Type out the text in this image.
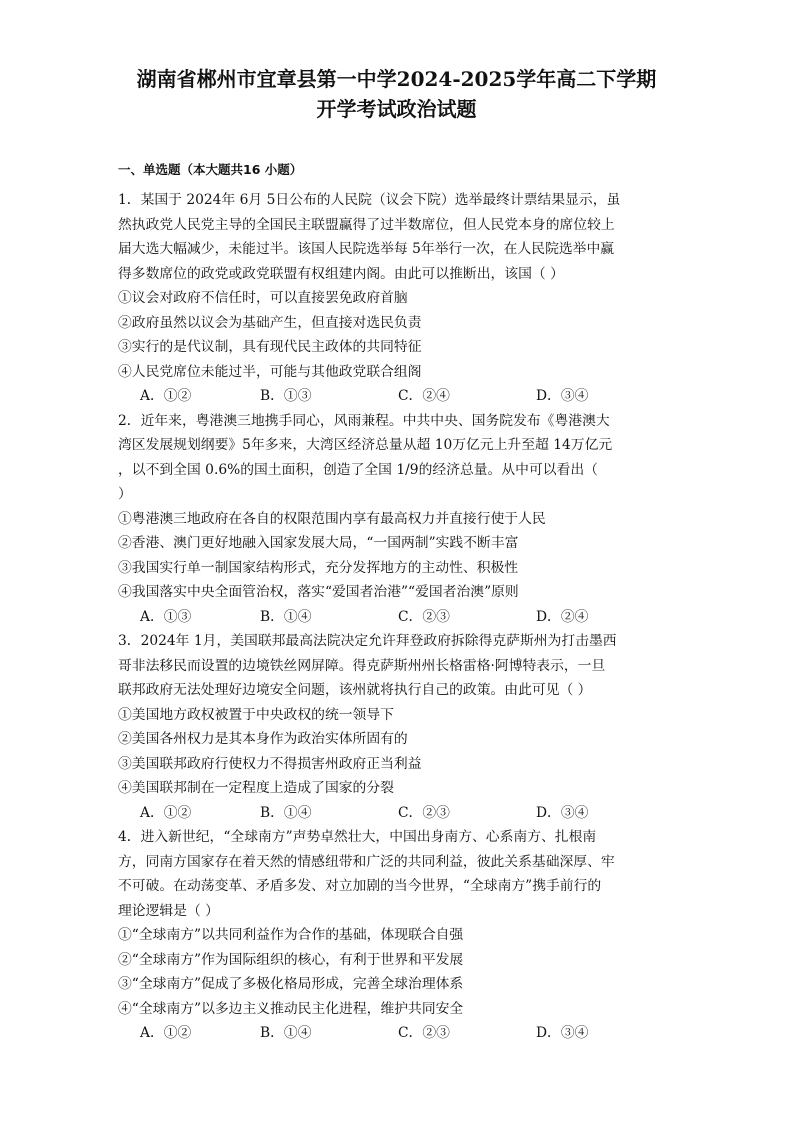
湖南省郴州市宜章县第一中学2024-2025学年高二下学期
开学考试政治试题
一、单选题（本大题共16 小题）
1．某国于 2024年 6月 5日公布的人民院（议会下院）选举最终计票结果显示，虽
然执政党人民党主导的全国民主联盟赢得了过半数席位，但人民党本身的席位较上
届大选大幅减少，未能过半。该国人民院选举每 5年举行一次，在人民院选举中赢
得多数席位的政党或政党联盟有权组建内阁。由此可以推断出，该国（ ）
①议会对政府不信任时，可以直接罢免政府首脑
②政府虽然以议会为基础产生，但直接对选民负责
③实行的是代议制，具有现代民主政体的共同特征
④人民党席位未能过半，可能与其他政党联合组阁
A．①②	B．①③	C．②④	D．③④
2．近年来，粤港澳三地携手同心，风雨兼程。中共中央、国务院发布《粤港澳大
湾区发展规划纲要》5年多来，大湾区经济总量从超 10万亿元上升至超 14万亿元
，以不到全国 0.6%的国土面积，创造了全国 1/9的经济总量。从中可以看出（
）
①粤港澳三地政府在各自的权限范围内享有最高权力并直接行使于人民
②香港、澳门更好地融入国家发展大局，“一国两制”实践不断丰富
③我国实行单一制国家结构形式，充分发挥地方的主动性、积极性
④我国落实中央全面管治权，落实“爱国者治港”“爱国者治澳”原则
A．①③	B．①④	C．②③	D．②④
3．2024年 1月，美国联邦最高法院决定允许拜登政府拆除得克萨斯州为打击墨西
哥非法移民而设置的边境铁丝网屏障。得克萨斯州州长格雷格·阿博特表示，一旦
联邦政府无法处理好边境安全问题，该州就将执行自己的政策。由此可见（ ）
①美国地方政权被置于中央政权的统一领导下
②美国各州权力是其本身作为政治实体所固有的
③美国联邦政府行使权力不得损害州政府正当利益
④美国联邦制在一定程度上造成了国家的分裂
A．①②	B．①④	C．②③	D．③④
4．进入新世纪，“全球南方”声势卓然壮大，中国出身南方、心系南方、扎根南
方，同南方国家存在着天然的情感纽带和广泛的共同利益，彼此关系基础深厚、牢
不可破。在动荡变革、矛盾多发、对立加剧的当今世界，“全球南方”携手前行的
理论逻辑是（ ）
①“全球南方”以共同利益作为合作的基础，体现联合自强
②“全球南方”作为国际组织的核心，有利于世界和平发展
③“全球南方”促成了多极化格局形成，完善全球治理体系
④“全球南方”以多边主义推动民主化进程，维护共同安全
A．①②	B．①④	C．②③	D．③④
